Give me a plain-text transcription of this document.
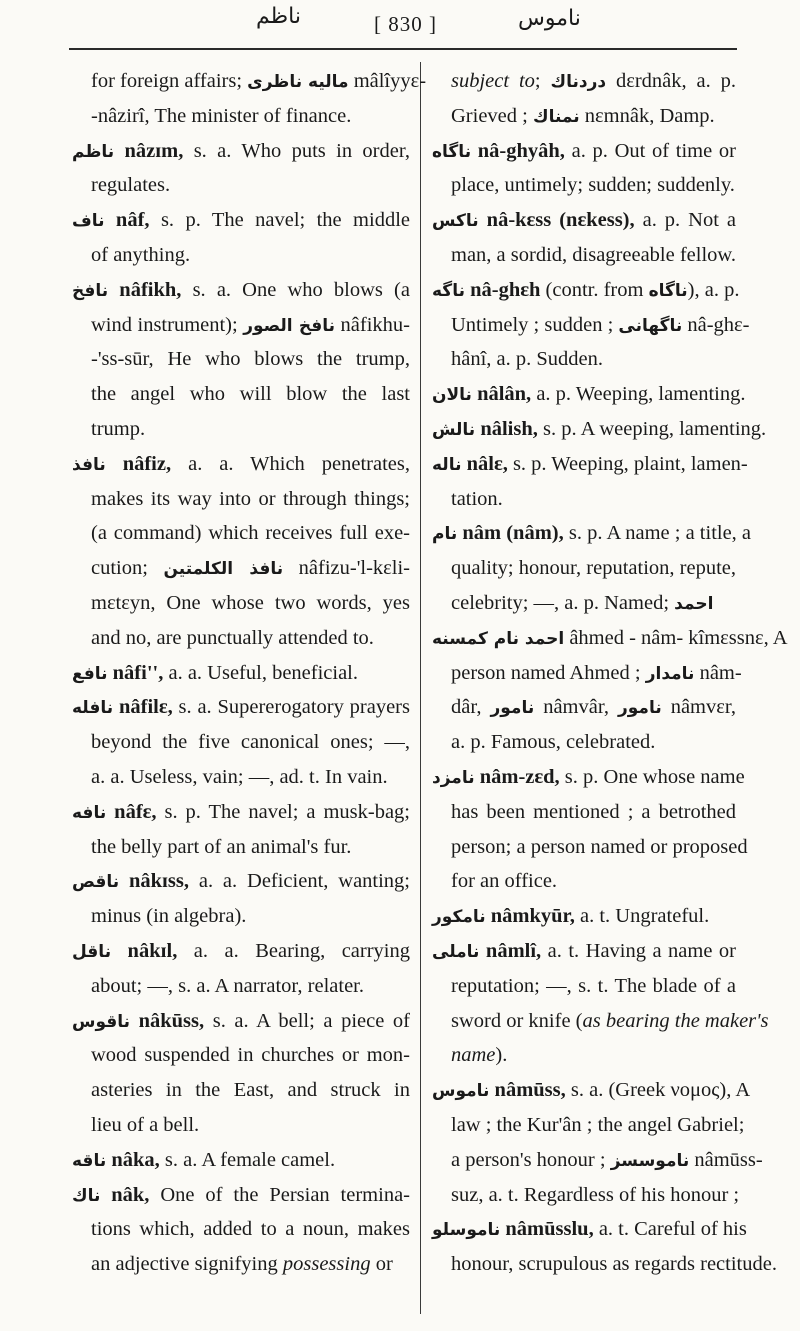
ناظم	[ 830 ]	ناموس
for foreign affairs; مالیه ناظری mâlîyyɛ-
-nâzirî, The minister of finance.
ناظم nâzɪm, s. a. Who puts in order,
regulates.
ناف nâf, s. p. The navel; the middle
of anything.
نافخ nâfikh, s. a. One who blows (a
wind instrument); نافخ الصور nâfikhu-
-'ss-sūr, He who blows the trump,
the angel who will blow the last
trump.
نافذ nâfiz, a. a. Which penetrates,
makes its way into or through things;
(a command) which receives full exe-
cution; نافذ الكلمتين nâfizu-'l-kɛli-
mɛtɛyn, One whose two words, yes
and no, are punctually attended to.
نافع nâfi'', a. a. Useful, beneficial.
نافله nâfilɛ, s. a. Supererogatory prayers
beyond the five canonical ones; —,
a. a. Useless, vain; —, ad. t. In vain.
نافه nâfɛ, s. p. The navel; a musk-bag;
the belly part of an animal's fur.
ناقص nâkɪss, a. a. Deficient, wanting;
minus (in algebra).
ناقل nâkɪl, a. a. Bearing, carrying
about; —, s. a. A narrator, relater.
ناقوس nâkūss, s. a. A bell; a piece of
wood suspended in churches or mon-
asteries in the East, and struck in
lieu of a bell.
ناقه nâka, s. a. A female camel.
ناك nâk, One of the Persian termina-
tions which, added to a noun, makes
an adjective signifying possessing or
subject to; دردناك dɛrdnâk, a. p.
Grieved ; نمناك nɛmnâk, Damp.
ناگاه nâ-ghyâh, a. p. Out of time or
place, untimely; sudden; suddenly.
ناكس nâ-kɛss (nɛkess), a. p. Not a
man, a sordid, disagreeable fellow.
ناگه nâ-ghɛh (contr. from ناگاه), a. p.
Untimely ; sudden ; ناگهانی nâ-ghɛ-
hânî, a. p. Sudden.
نالان nâlân, a. p. Weeping, lamenting.
نالش nâlish, s. p. A weeping, lamenting.
ناله nâlɛ, s. p. Weeping, plaint, lamen-
tation.
نام nâm (nâm), s. p. A name ; a title, a
quality; honour, reputation, repute,
celebrity; —, a. p. Named; احمد
احمد نام كمسنه âhmed - nâm- kîmɛssnɛ, A
person named Ahmed ; نامدار nâm-
dâr, نامور nâmvâr, نامور nâmvɛr,
a. p. Famous, celebrated.
نامزد nâm-zɛd, s. p. One whose name
has been mentioned ; a betrothed
person; a person named or proposed
for an office.
نامكور nâmkyūr, a. t. Ungrateful.
ناملى nâmlî, a. t. Having a name or
reputation; —, s. t. The blade of a
sword or knife (as bearing the maker's
name).
ناموس nâmūss, s. a. (Greek νομος), A
law ; the Kur'ân ; the angel Gabriel;
a person's honour ; ناموسسز nâmūss-
suz, a. t. Regardless of his honour ;
ناموسلو nâmūsslu, a. t. Careful of his
honour, scrupulous as regards rectitude.
